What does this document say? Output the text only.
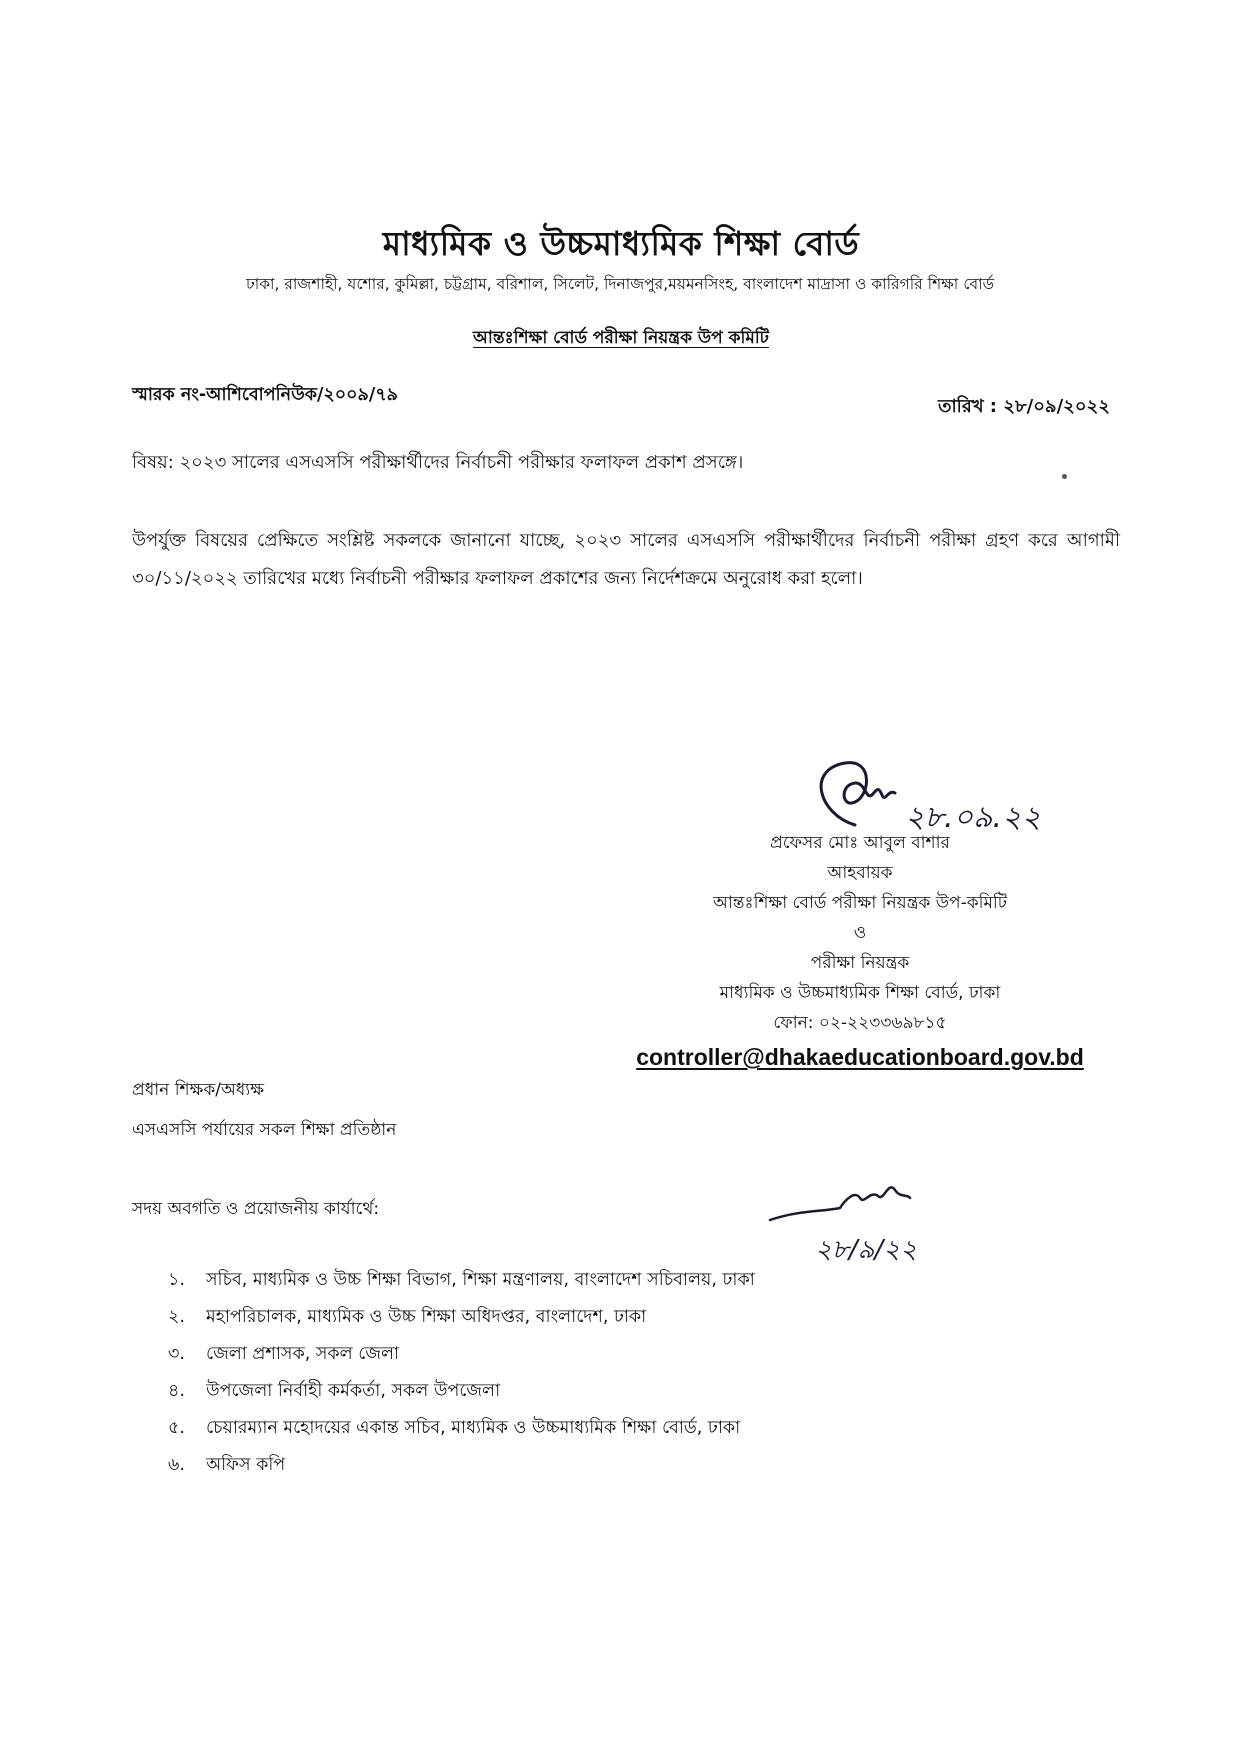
মাধ্যমিক ও উচ্চমাধ্যমিক শিক্ষা বোর্ড
ঢাকা, রাজশাহী, যশোর, কুমিল্লা, চট্টগ্রাম, বরিশাল, সিলেট, দিনাজপুর,ময়মনসিংহ, বাংলাদেশ মাদ্রাসা ও কারিগরি শিক্ষা বোর্ড
আন্তঃশিক্ষা বোর্ড পরীক্ষা নিয়ন্ত্রক উপ কমিটি
স্মারক নং-আশিবোপনিউক/২০০৯/৭৯
তারিখ : ২৮/০৯/২০২২
বিষয়: ২০২৩ সালের এসএসসি পরীক্ষার্থীদের নির্বাচনী পরীক্ষার ফলাফল প্রকাশ প্রসঙ্গে।
উপর্যুক্ত বিষয়ের প্রেক্ষিতে সংশ্লিষ্ট সকলকে জানানো যাচ্ছে, ২০২৩ সালের এসএসসি পরীক্ষার্থীদের নির্বাচনী পরীক্ষা গ্রহণ করে আগামী ৩০/১১/২০২২ তারিখের মধ্যে নির্বাচনী পরীক্ষার ফলাফল প্রকাশের জন্য নির্দেশক্রমে অনুরোধ করা হলো।
২৮.০৯.২২
প্রফেসর মোঃ আবুল বাশার
আহবায়ক
আন্তঃশিক্ষা বোর্ড পরীক্ষা নিয়ন্ত্রক উপ-কমিটি
ও
পরীক্ষা নিয়ন্ত্রক
মাধ্যমিক ও উচ্চমাধ্যমিক শিক্ষা বোর্ড, ঢাকা
ফোন: ০২-২২৩৩৬৯৮১৫
controller@dhakaeducationboard.gov.bd
প্রধান শিক্ষক/অধ্যক্ষ
এসএসসি পর্যায়ের সকল শিক্ষা প্রতিষ্ঠান
২৮/৯/২২
সদয় অবগতি ও প্রয়োজনীয় কার্যার্থে:
১. সচিব, মাধ্যমিক ও উচ্চ শিক্ষা বিভাগ, শিক্ষা মন্ত্রণালয়, বাংলাদেশ সচিবালয়, ঢাকা
২. মহাপরিচালক, মাধ্যমিক ও উচ্চ শিক্ষা অধিদপ্তর, বাংলাদেশ, ঢাকা
৩. জেলা প্রশাসক, সকল জেলা
৪. উপজেলা নির্বাহী কর্মকর্তা, সকল উপজেলা
৫. চেয়ারম্যান মহোদয়ের একান্ত সচিব, মাধ্যমিক ও উচ্চমাধ্যমিক শিক্ষা বোর্ড, ঢাকা
৬. অফিস কপি
